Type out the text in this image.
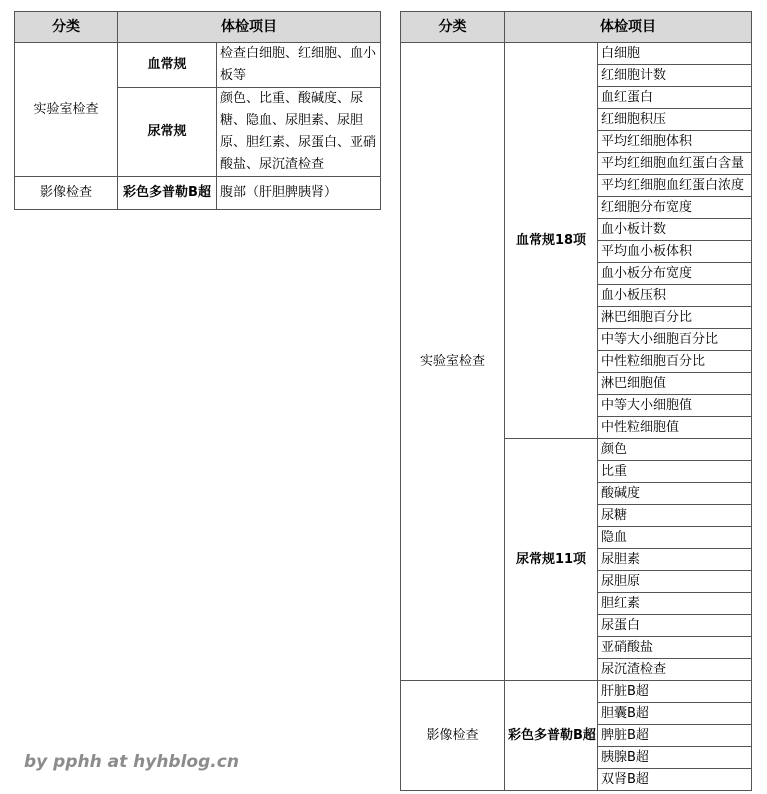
分类	体检项目	
实验室检查	血常规	检查白细胞、红细胞、血小板等
	尿常规	颜色、比重、酸碱度、尿糖、隐血、尿胆素、尿胆原、胆红素、尿蛋白、亚硝酸盐、尿沉渣检查
影像检查	彩色多普勒B超	腹部（肝胆脾胰肾）
分类	体检项目	
实验室检查	血常规18项	白细胞
		红细胞计数
		血红蛋白
		红细胞积压
		平均红细胞体积
		平均红细胞血红蛋白含量
		平均红细胞血红蛋白浓度
		红细胞分布宽度
		血小板计数
		平均血小板体积
		血小板分布宽度
		血小板压积
		淋巴细胞百分比
		中等大小细胞百分比
		中性粒细胞百分比
		淋巴细胞值
		中等大小细胞值
		中性粒细胞值
	尿常规11项	颜色
		比重
		酸碱度
		尿糖
		隐血
		尿胆素
		尿胆原
		胆红素
		尿蛋白
		亚硝酸盐
		尿沉渣检查
影像检查	彩色多普勒B超	肝脏B超
		胆囊B超
		脾脏B超
		胰腺B超
		双肾B超
by pphh at hyhblog.cn
